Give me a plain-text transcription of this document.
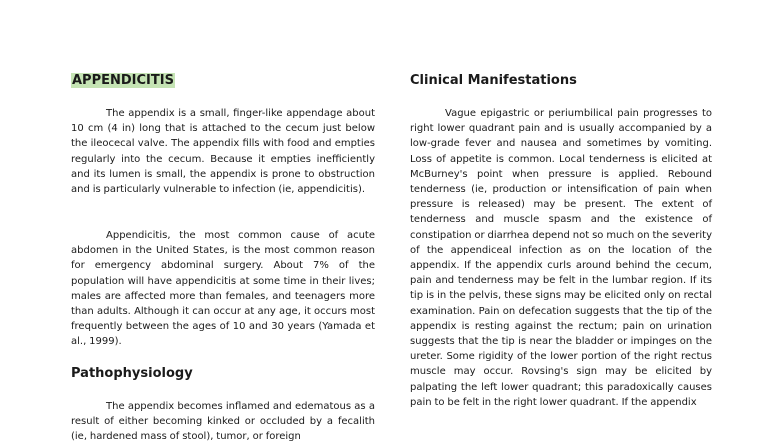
APPENDICITIS

The appendix is a small, finger-like appendage about 10 cm (4 in) long that is attached to the cecum just below the ileocecal valve. The appendix fills with food and empties regularly into the cecum. Because it empties inefficiently and its lumen is small, the appendix is prone to obstruction and is particularly vulnerable to infection (ie, appendicitis).

Appendicitis, the most common cause of acute abdomen in the United States, is the most common reason for emergency abdominal surgery. About 7% of the population will have appendicitis at some time in their lives; males are affected more than females, and teenagers more than adults. Although it can occur at any age, it occurs most frequently between the ages of 10 and 30 years (Yamada et al., 1999).

Pathophysiology

The appendix becomes inflamed and edematous as a result of either becoming kinked or occluded by a fecalith (ie, hardened mass of stool), tumor, or foreign

Clinical Manifestations

Vague epigastric or periumbilical pain progresses to right lower quadrant pain and is usually accompanied by a low-grade fever and nausea and sometimes by vomiting. Loss of appetite is common. Local tenderness is elicited at McBurney's point when pressure is applied. Rebound tenderness (ie, production or intensification of pain when pressure is released) may be present. The extent of tenderness and muscle spasm and the existence of constipation or diarrhea depend not so much on the severity of the appendiceal infection as on the location of the appendix. If the appendix curls around behind the cecum, pain and tenderness may be felt in the lumbar region. If its tip is in the pelvis, these signs may be elicited only on rectal examination. Pain on defecation suggests that the tip of the appendix is resting against the rectum; pain on urination suggests that the tip is near the bladder or impinges on the ureter. Some rigidity of the lower portion of the right rectus muscle may occur. Rovsing's sign may be elicited by palpating the left lower quadrant; this paradoxically causes pain to be felt in the right lower quadrant. If the appendix
